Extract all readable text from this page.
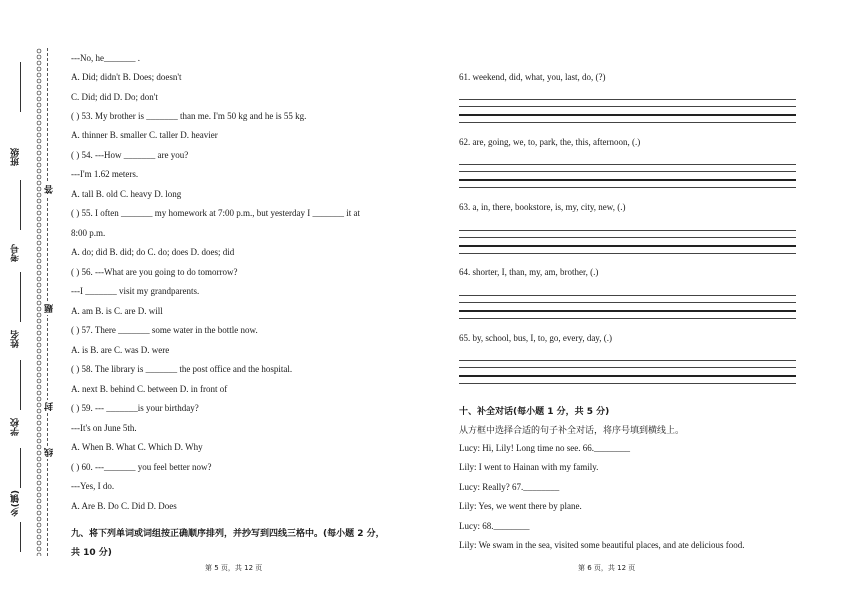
班级
考号
姓名
学校
乡(镇)
答
题
封
线
---No, he_______ .
A. Did; didn't B. Does; doesn't
C. Did; did D. Do; don't
( ) 53. My brother is _______ than me. I'm 50 kg and he is 55 kg.
A. thinner B. smaller C. taller D. heavier
( ) 54. ---How _______ are you?
---I'm 1.62 meters.
A. tall B. old C. heavy D. long
( ) 55. I often _______ my homework at 7:00 p.m., but yesterday I _______ it at
8:00 p.m.
A. do; did B. did; do C. do; does D. does; did
( ) 56. ---What are you going to do tomorrow?
---I _______ visit my grandparents.
A. am B. is C. are D. will
( ) 57. There _______ some water in the bottle now.
A. is B. are C. was D. were
( ) 58. The library is _______ the post office and the hospital.
A. next B. behind C. between D. in front of
( ) 59. --- _______is your birthday?
---It's on June 5th.
A. When B. What C. Which D. Why
( ) 60. ---_______ you feel better now?
---Yes, I do.
A. Are B. Do C. Did D. Does
九、将下列单词或词组按正确顺序排列，并抄写到四线三格中。(每小题 2 分，
共 10 分)
第 5 页，共 12 页
61. weekend, did, what, you, last, do, (?)
62. are, going, we, to, park, the, this, afternoon, (.)
63. a, in, there, bookstore, is, my, city, new, (.)
64. shorter, I, than, my, am, brother, (.)
65. by, school, bus, I, to, go, every, day, (.)
十、补全对话(每小题 1 分，共 5 分)
从方框中选择合适的句子补全对话，将序号填到横线上。
Lucy: Hi, Lily! Long time no see. 66.________
Lily: I went to Hainan with my family.
Lucy: Really? 67.________
Lily: Yes, we went there by plane.
Lucy: 68.________
Lily: We swam in the sea, visited some beautiful places, and ate delicious food.
第 6 页，共 12 页
